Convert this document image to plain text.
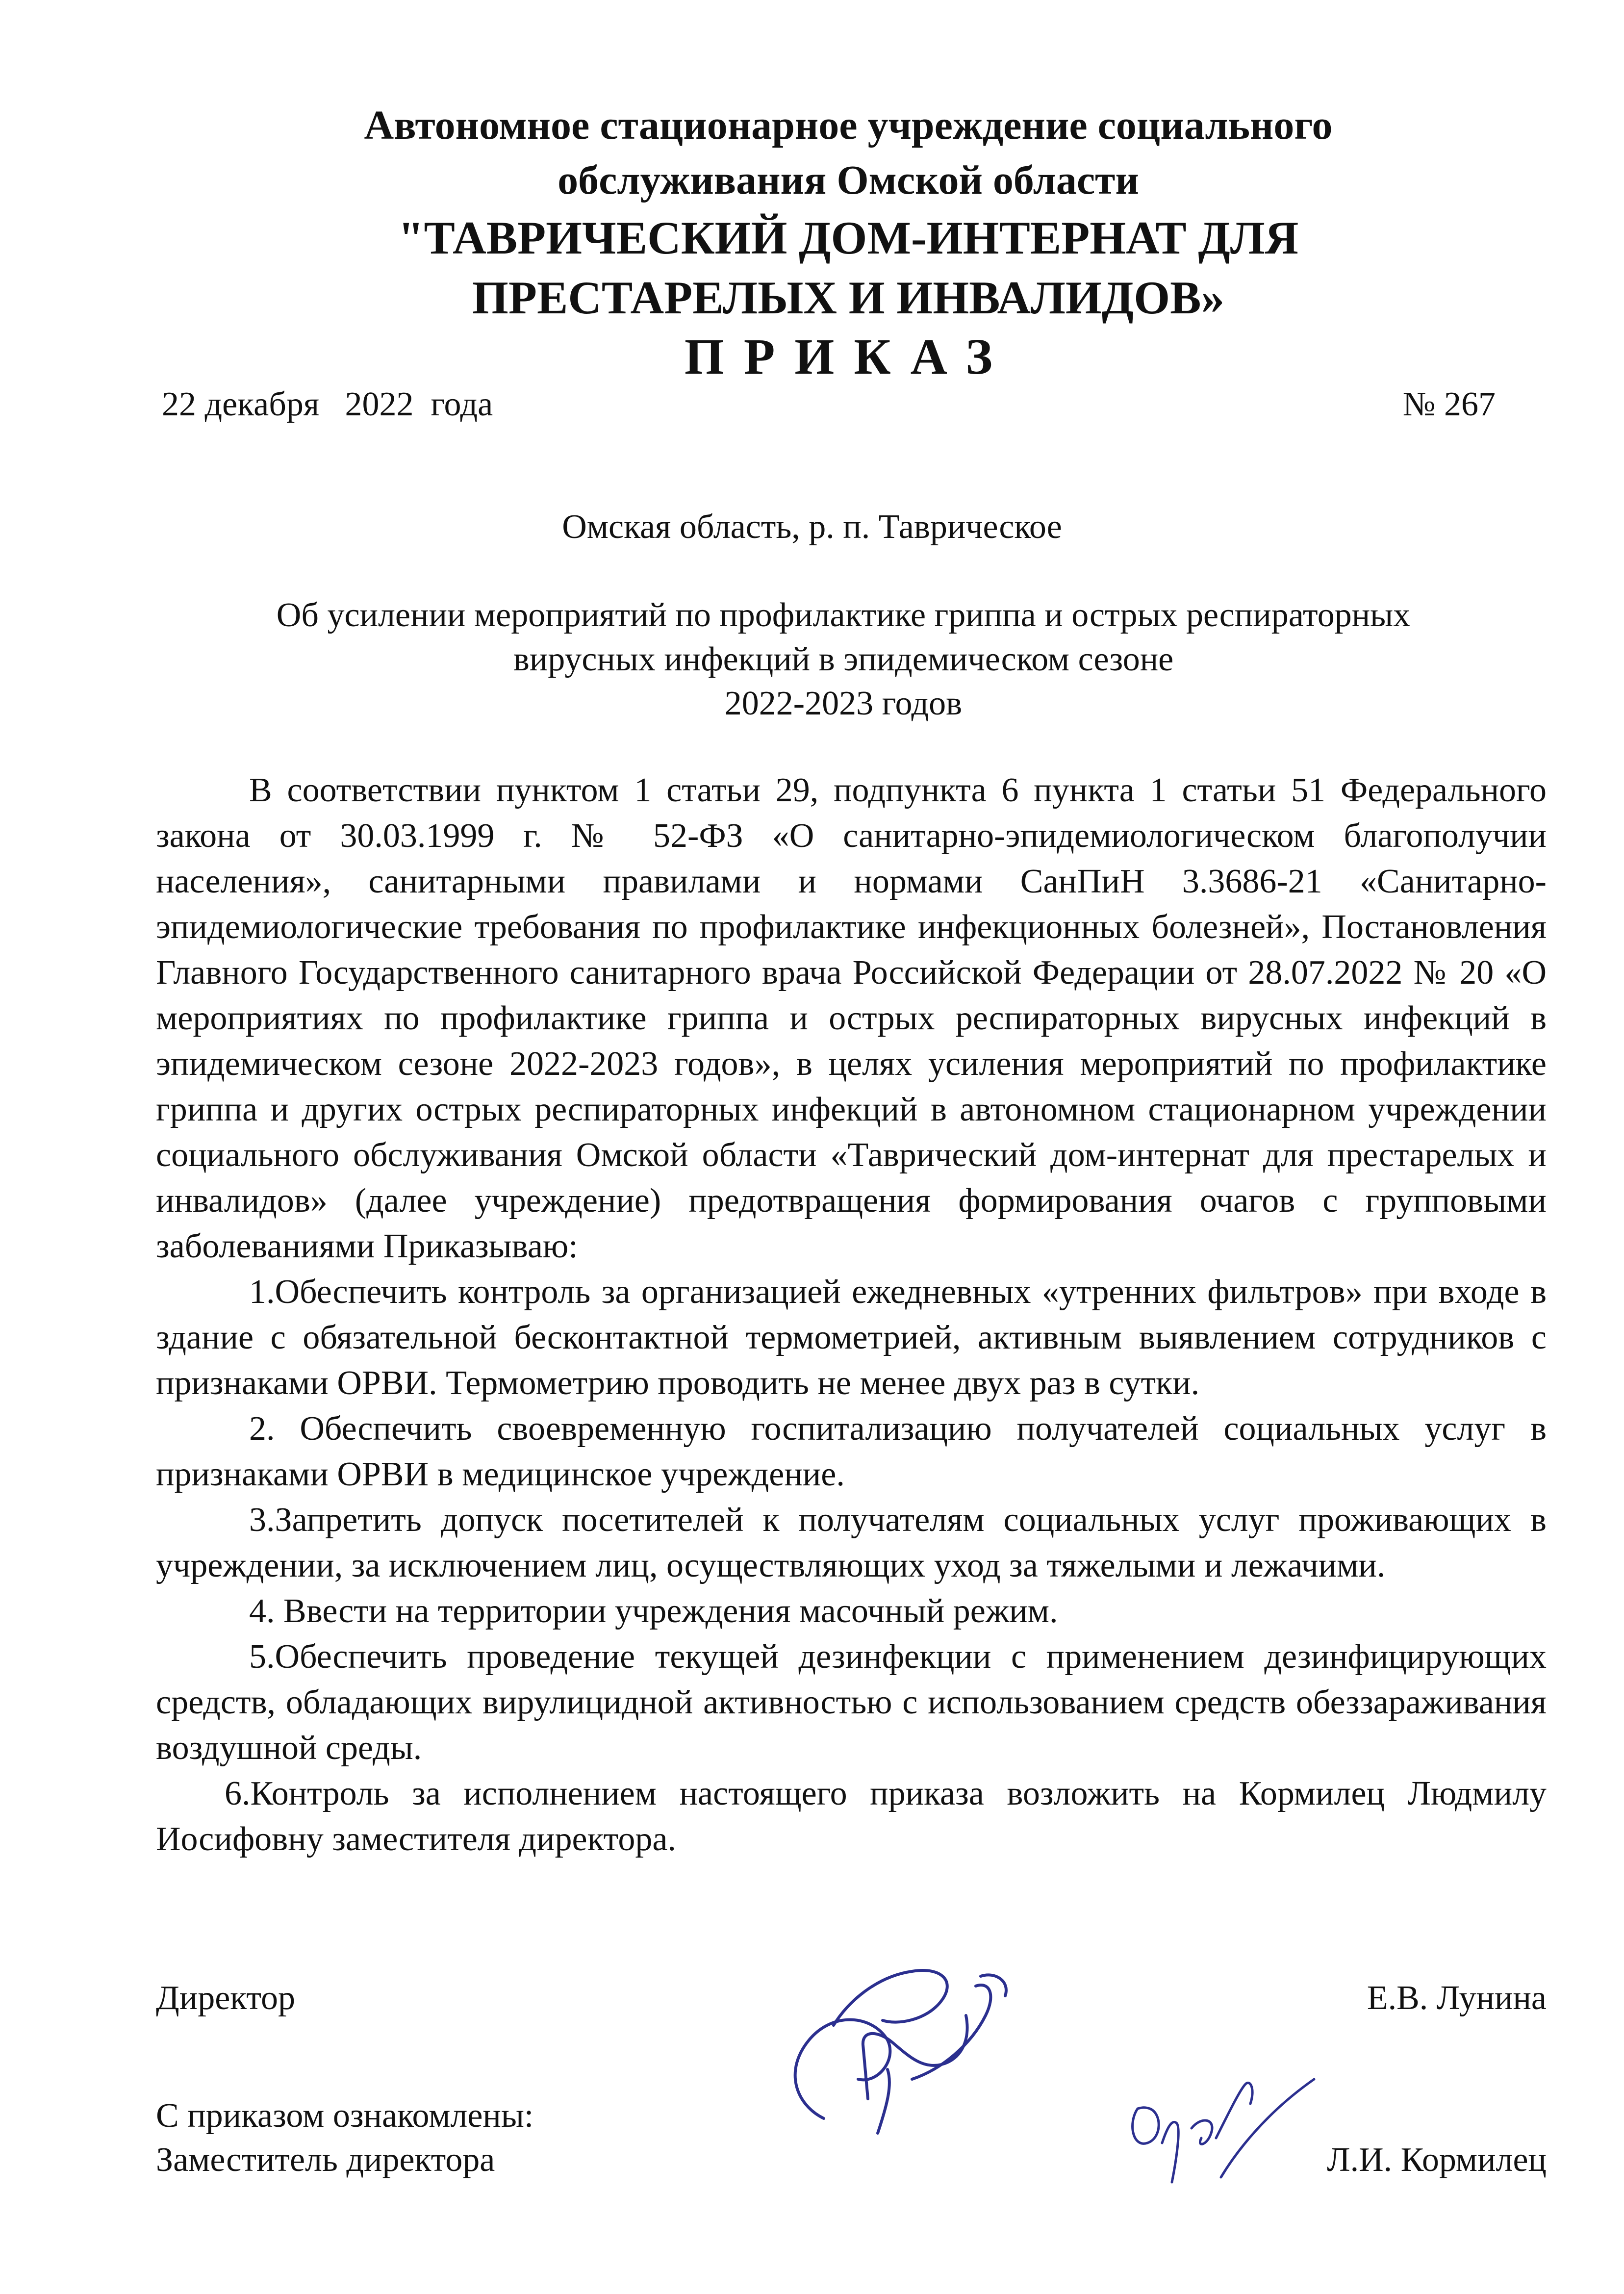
Автономное стационарное учреждение социального
обслуживания Омской области
"ТАВРИЧЕСКИЙ ДОМ-ИНТЕРНАТ ДЛЯ
ПРЕСТАРЕЛЫХ И ИНВАЛИДОВ»
ПРИКАЗ
22 декабря   2022  года	№ 267
Омская область, р. п. Таврическое
Об усилении мероприятий по профилактике гриппа и острых респираторных
вирусных инфекций в эпидемическом сезоне
2022-2023 годов

В соответствии пунктом 1 статьи 29, подпункта 6 пункта 1 статьи 51 Федерального закона от 30.03.1999 г. № 52-ФЗ «О санитарно-эпидемиологическом благополучии населения», санитарными правилами и нормами СанПиН 3.3686-21 «Санитарно-эпидемиологические требования по профилактике инфекционных болезней», Постановления Главного Государственного санитарного врача Российской Федерации от 28.07.2022 № 20 «О мероприятиях по профилактике гриппа и острых респираторных вирусных инфекций в эпидемическом сезоне 2022-2023 годов», в целях усиления мероприятий по профилактике гриппа и других острых респираторных инфекций в автономном стационарном учреждении социального обслуживания Омской области «Таврический дом-интернат для престарелых и инвалидов» (далее учреждение) предотвращения формирования очагов с групповыми заболеваниями Приказываю:

1.Обеспечить контроль за организацией ежедневных «утренних фильтров» при входе в здание с обязательной бесконтактной термометрией, активным выявлением сотрудников с признаками ОРВИ. Термометрию проводить не менее двух раз в сутки.

2. Обеспечить своевременную госпитализацию получателей социальных услуг в признаками ОРВИ в медицинское учреждение.

3.Запретить допуск посетителей к получателям социальных услуг проживающих в учреждении, за исключением лиц, осуществляющих уход за тяжелыми и лежачими.

4. Ввести на территории учреждения масочный режим.

5.Обеспечить проведение текущей дезинфекции с применением дезинфицирующих средств, обладающих вирулицидной активностью с использованием средств обеззараживания воздушной среды.

6.Контроль за исполнением настоящего приказа возложить на Кормилец Людмилу Иосифовну заместителя директора.

Директор	Е.В. Лунина
С приказом ознакомлены:
Заместитель директора	Л.И. Кормилец
